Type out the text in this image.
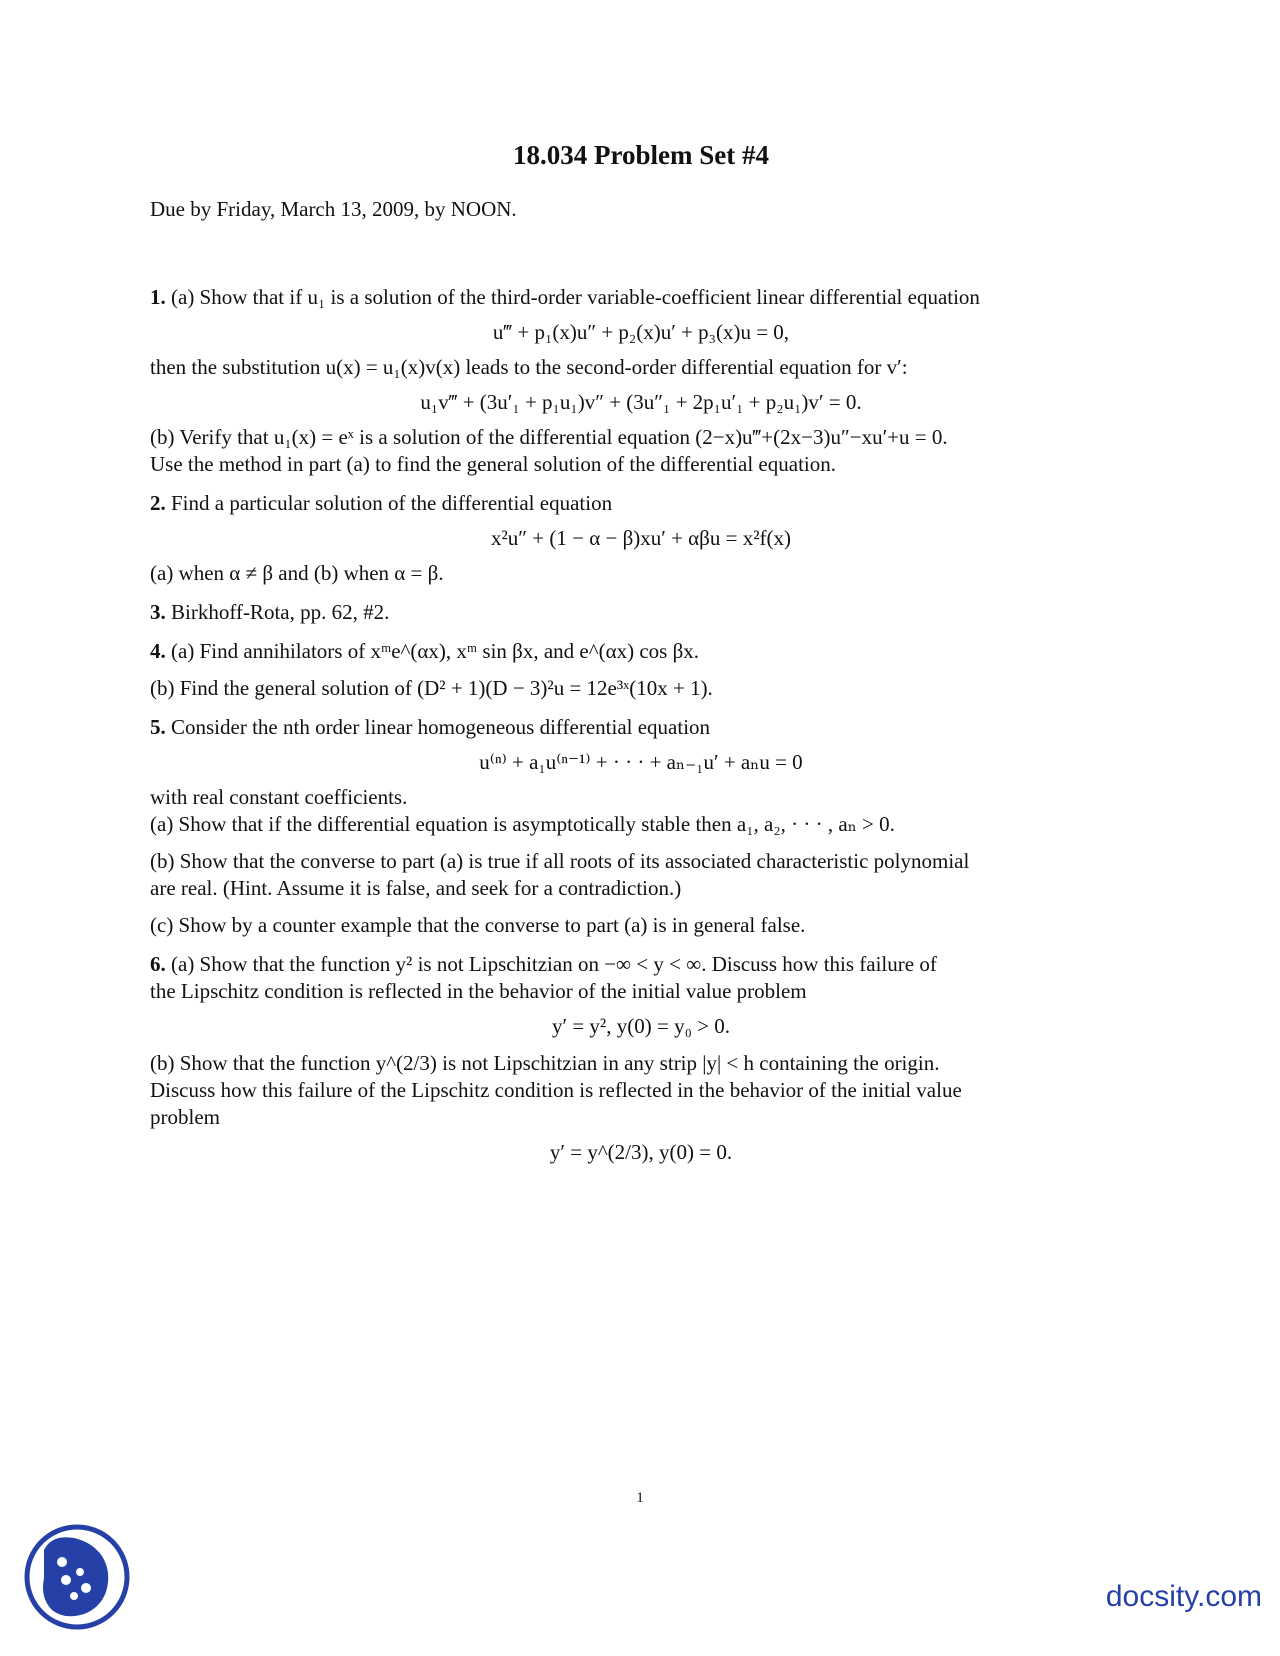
18.034 Problem Set #4
Due by Friday, March 13, 2009, by NOON.
1. (a) Show that if u₁ is a solution of the third-order variable-coefficient linear differential equation
u‴ + p₁(x)u″ + p₂(x)u′ + p₃(x)u = 0,
then the substitution u(x) = u₁(x)v(x) leads to the second-order differential equation for v′:
u₁v‴ + (3u′₁ + p₁u₁)v″ + (3u″₁ + 2p₁u′₁ + p₂u₁)v′ = 0.
(b) Verify that u₁(x) = eˣ is a solution of the differential equation (2−x)u‴+(2x−3)u″−xu′+u = 0.
Use the method in part (a) to find the general solution of the differential equation.
2. Find a particular solution of the differential equation
x²u″ + (1 − α − β)xu′ + αβu = x²f(x)
(a) when α ≠ β and (b) when α = β.
3. Birkhoff-Rota, pp. 62, #2.
4. (a) Find annihilators of xᵐe^(αx), xᵐ sin βx, and e^(αx) cos βx.
(b) Find the general solution of (D² + 1)(D − 3)²u = 12e³ˣ(10x + 1).
5. Consider the nth order linear homogeneous differential equation
u⁽ⁿ⁾ + a₁u⁽ⁿ⁻¹⁾ + · · · + aₙ₋₁u′ + aₙu = 0
with real constant coefficients.
(a) Show that if the differential equation is asymptotically stable then a₁, a₂, · · · , aₙ > 0.
(b) Show that the converse to part (a) is true if all roots of its associated characteristic polynomial
are real. (Hint. Assume it is false, and seek for a contradiction.)
(c) Show by a counter example that the converse to part (a) is in general false.
6. (a) Show that the function y² is not Lipschitzian on −∞ < y < ∞. Discuss how this failure of
the Lipschitz condition is reflected in the behavior of the initial value problem
y′ = y², y(0) = y₀ > 0.
(b) Show that the function y^(2/3) is not Lipschitzian in any strip |y| < h containing the origin.
Discuss how this failure of the Lipschitz condition is reflected in the behavior of the initial value
problem
y′ = y^(2/3), y(0) = 0.
1
docsity.com
